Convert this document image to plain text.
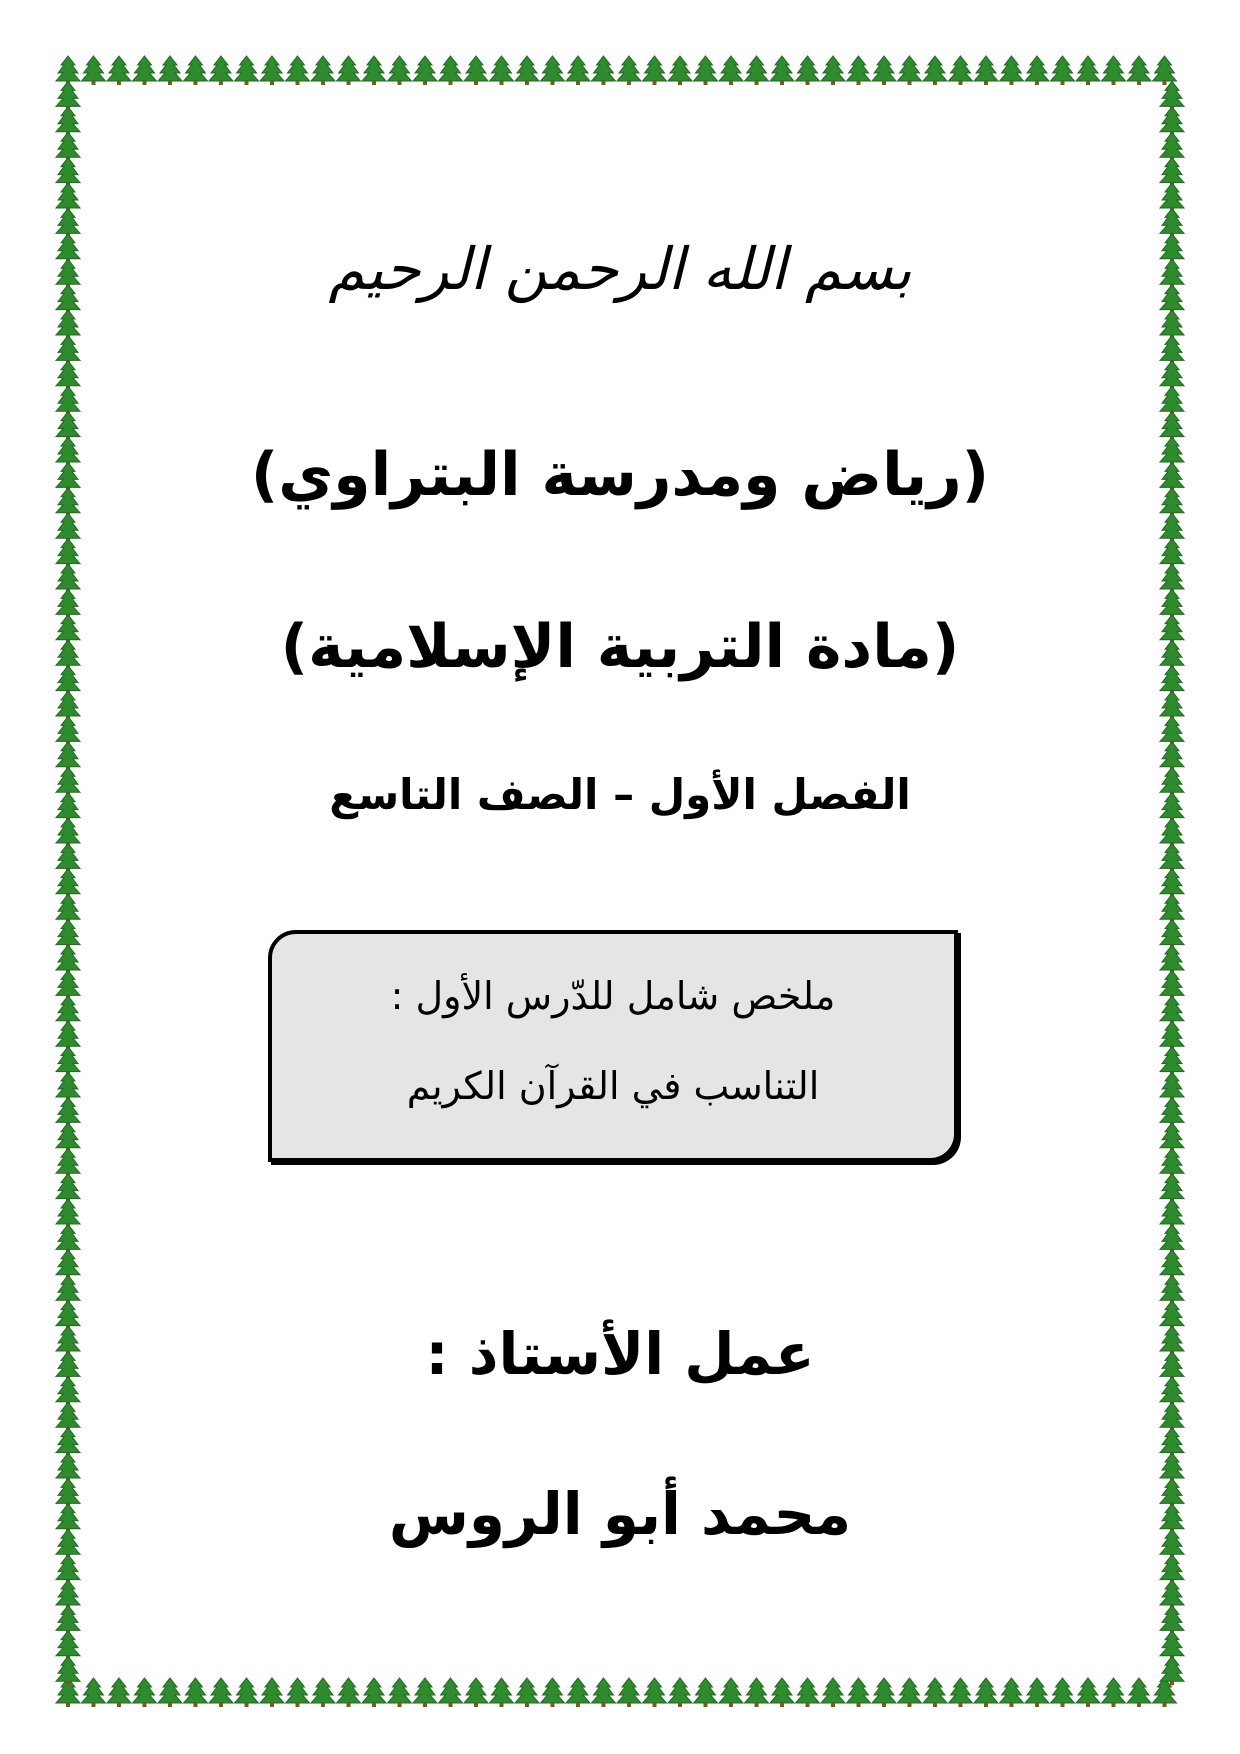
بسم الله الرحمن الرحيم
(رياض ومدرسة البتراوي)
(مادة التربية الإسلامية)
الفصل الأول – الصف التاسع
ملخص شامل للدّرس الأول :
التناسب في القرآن الكريم
عمل الأستاذ :
محمد أبو الروس
